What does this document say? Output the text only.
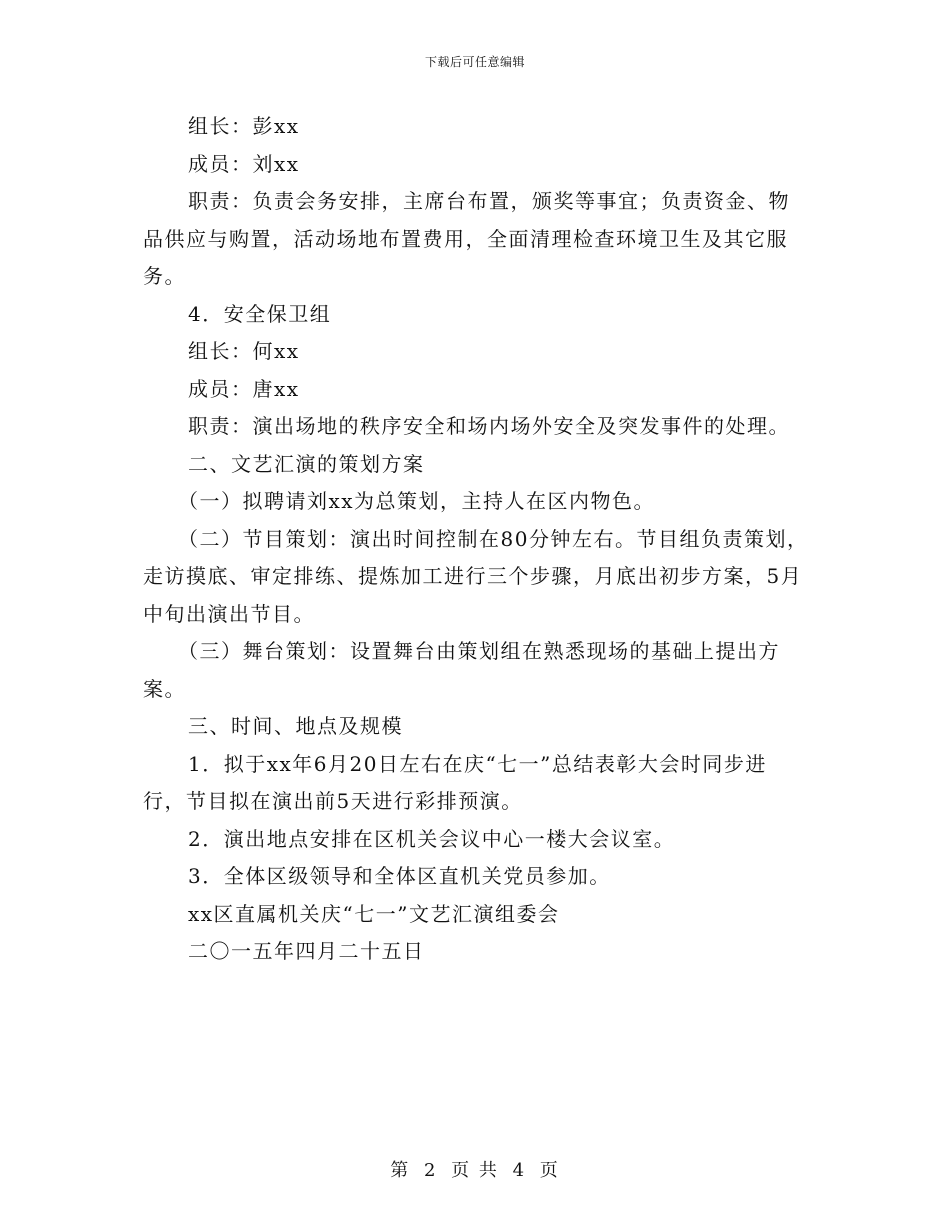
下载后可任意编辑
组长：彭xx
成员：刘xx
职责：负责会务安排，主席台布置，颁奖等事宜；负责资金、物
品供应与购置，活动场地布置费用，全面清理检查环境卫生及其它服
务。
4．安全保卫组
组长：何xx
成员：唐xx
职责：演出场地的秩序安全和场内场外安全及突发事件的处理。
二、文艺汇演的策划方案
（一）拟聘请刘xx为总策划，主持人在区内物色。
（二）节目策划：演出时间控制在80分钟左右。节目组负责策划，
走访摸底、审定排练、提炼加工进行三个步骤，月底出初步方案，5月
中旬出演出节目。
（三）舞台策划：设置舞台由策划组在熟悉现场的基础上提出方
案。
三、时间、地点及规模
1．拟于xx年6月20日左右在庆“七一”总结表彰大会时同步进
行，节目拟在演出前5天进行彩排预演。
2．演出地点安排在区机关会议中心一楼大会议室。
3．全体区级领导和全体区直机关党员参加。
xx区直属机关庆“七一”文艺汇演组委会
二〇一五年四月二十五日
第 2 页 共 4 页
